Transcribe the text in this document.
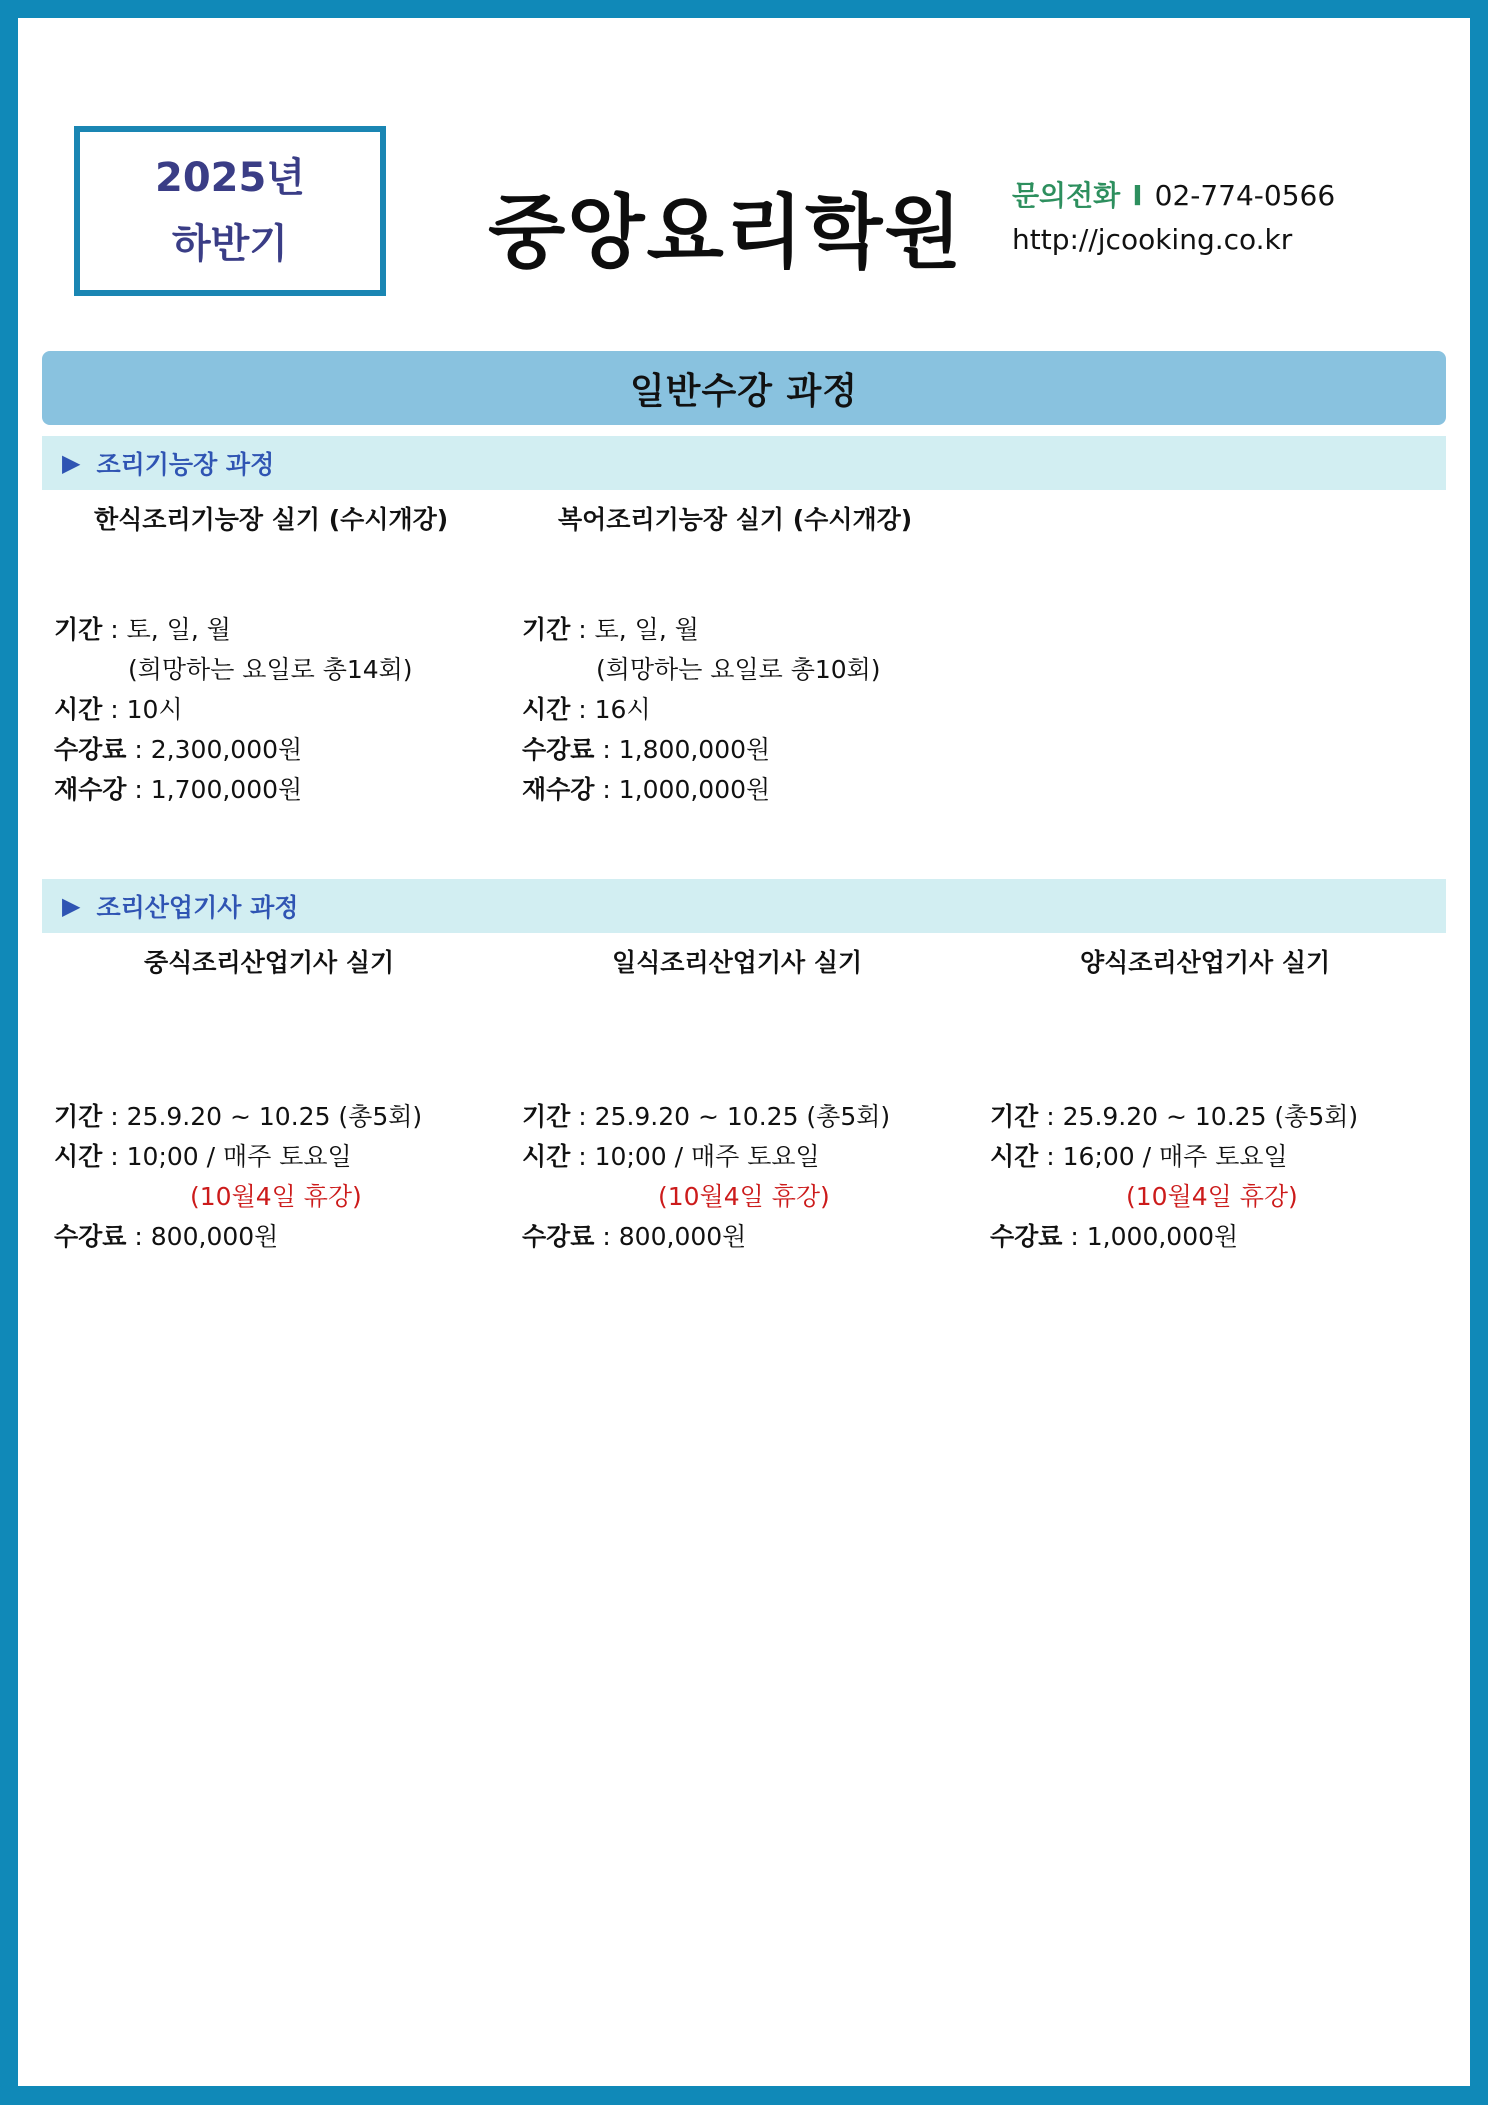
2025년
하반기	중앙요리학원 문의전화 I 02-774-0566
http://jcooking.co.kr
일반수강 과정
▶ 조리기능장 과정
한식조리기능장 실기 (수시개강)	복어조리기능장 실기 (수시개강)
기간 : 토, 일, 월
(희망하는 요일로 총14회)
시간 : 10시
수강료 : 2,300,000원
재수강 : 1,700,000원
기간 : 토, 일, 월
(희망하는 요일로 총10회)
시간 : 16시
수강료 : 1,800,000원
재수강 : 1,000,000원
▶ 조리산업기사 과정
중식조리산업기사 실기	일식조리산업기사 실기	양식조리산업기사 실기
기간 : 25.9.20 ~ 10.25 (총5회)
시간 : 10;00 / 매주 토요일
(10월4일 휴강)
수강료 : 800,000원
기간 : 25.9.20 ~ 10.25 (총5회)
시간 : 10;00 / 매주 토요일
(10월4일 휴강)
수강료 : 800,000원
기간 : 25.9.20 ~ 10.25 (총5회)
시간 : 16;00 / 매주 토요일
(10월4일 휴강)
수강료 : 1,000,000원
